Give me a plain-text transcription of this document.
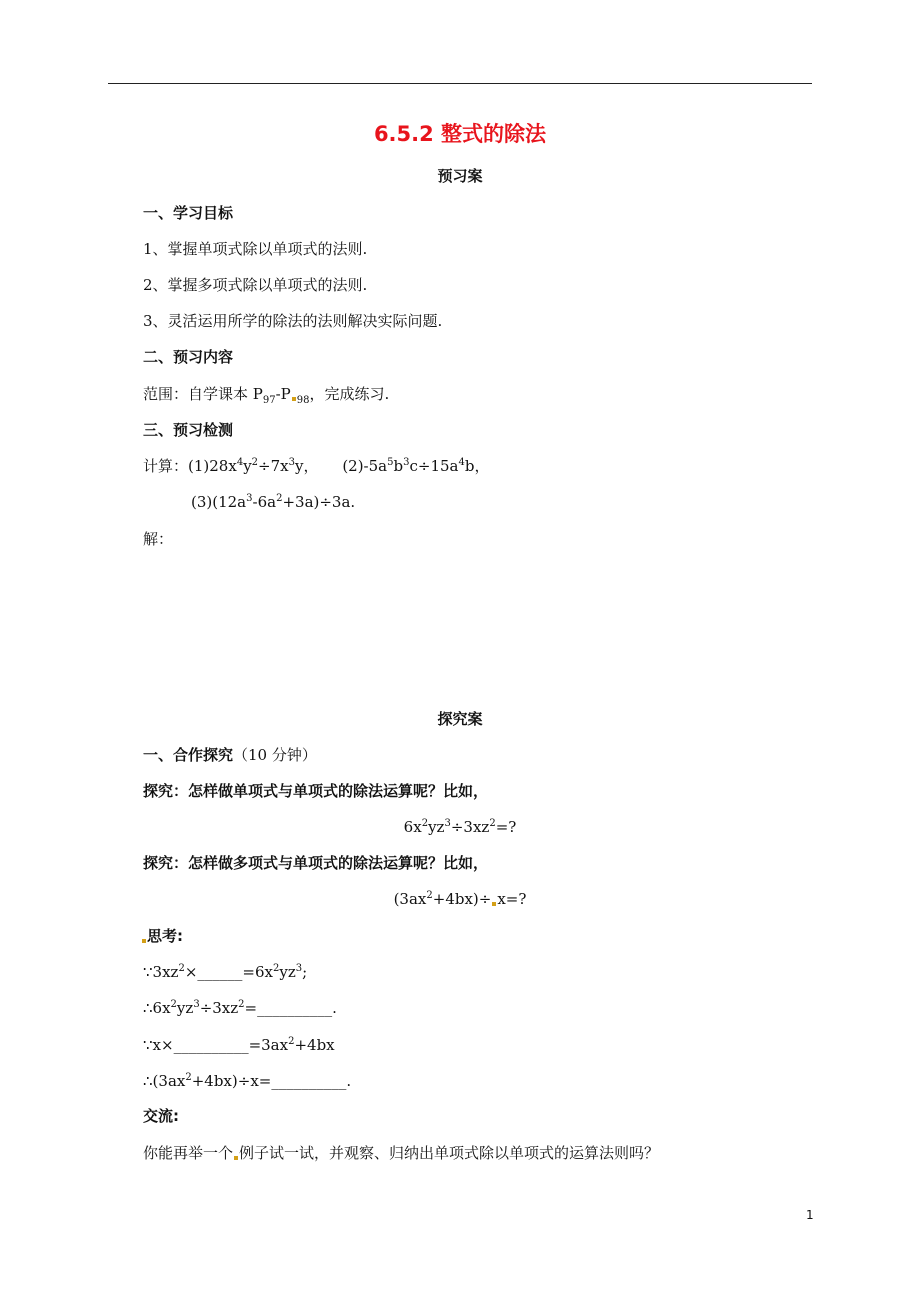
6.5.2 整式的除法
预习案
一、学习目标
1、掌握单项式除以单项式的法则.
2、掌握多项式除以单项式的法则.
3、灵活运用所学的除法的法则解决实际问题.
二、预习内容
范围：自学课本 $P_{97}-P$ $_{98}$，完成练习.
三、预习检测
计算：$(1)28x^4y^2\div 7x^3y$，     $(2)-5a^5b^3c\div 15a^4b$，
$(3)(12a^3-6a^2+3a)\div 3a$.
解：
探究案
一、合作探究（10 分钟）
探究：怎样做单项式与单项式的除法运算呢？比如，
$6x^2yz^3\div 3xz^2=$?
探究：怎样做多项式与单项式的除法运算呢？比如，
$(3ax^2+4bx)\div x=$?
思考:
$\because 3xz^2\times\_\_\_\_\_\_=6x^2yz^3$;
$\therefore 6x^2yz^3\div 3xz^2=\_\_\_\_\_\_\_\_\_\_$.
$\because x\times\_\_\_\_\_\_\_\_\_\_=3ax^2+4bx$
$\therefore(3ax^2+4bx)\div x=\_\_\_\_\_\_\_\_\_\_$.
交流:
你能再举一个 例子试一试，并观察、归纳出单项式除以单项式的运算法则吗？
1
